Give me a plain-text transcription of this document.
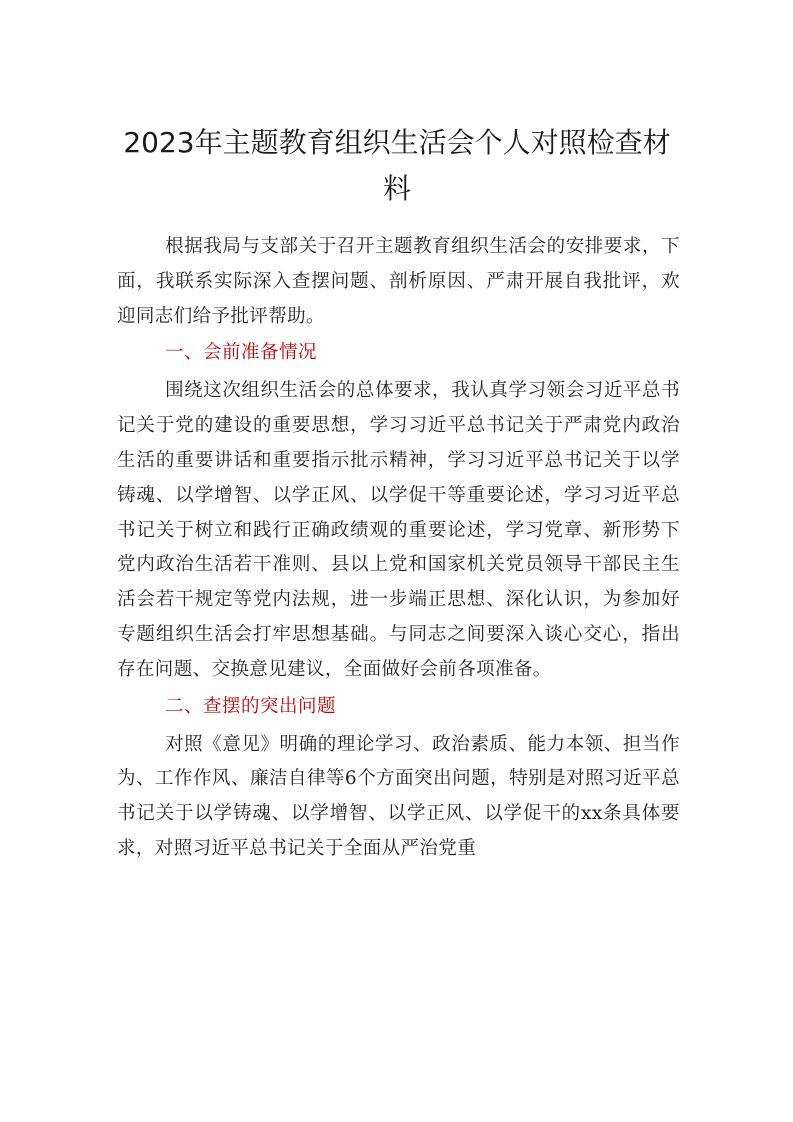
2023年主题教育组织生活会个人对照检查材料

根据我局与支部关于召开主题教育组织生活会的安排要求，下面，我联系实际深入查摆问题、剖析原因、严肃开展自我批评，欢迎同志们给予批评帮助。

一、会前准备情况

围绕这次组织生活会的总体要求，我认真学习领会习近平总书记关于党的建设的重要思想，学习习近平总书记关于严肃党内政治生活的重要讲话和重要指示批示精神，学习习近平总书记关于以学铸魂、以学增智、以学正风、以学促干等重要论述，学习习近平总书记关于树立和践行正确政绩观的重要论述，学习党章、新形势下党内政治生活若干准则、县以上党和国家机关党员领导干部民主生活会若干规定等党内法规，进一步端正思想、深化认识，为参加好专题组织生活会打牢思想基础。与同志之间要深入谈心交心，指出存在问题、交换意见建议，全面做好会前各项准备。

二、查摆的突出问题

对照《意见》明确的理论学习、政治素质、能力本领、担当作为、工作作风、廉洁自律等6个方面突出问题，特别是对照习近平总书记关于以学铸魂、以学增智、以学正风、以学促干的xx条具体要求，对照习近平总书记关于全面从严治党重
